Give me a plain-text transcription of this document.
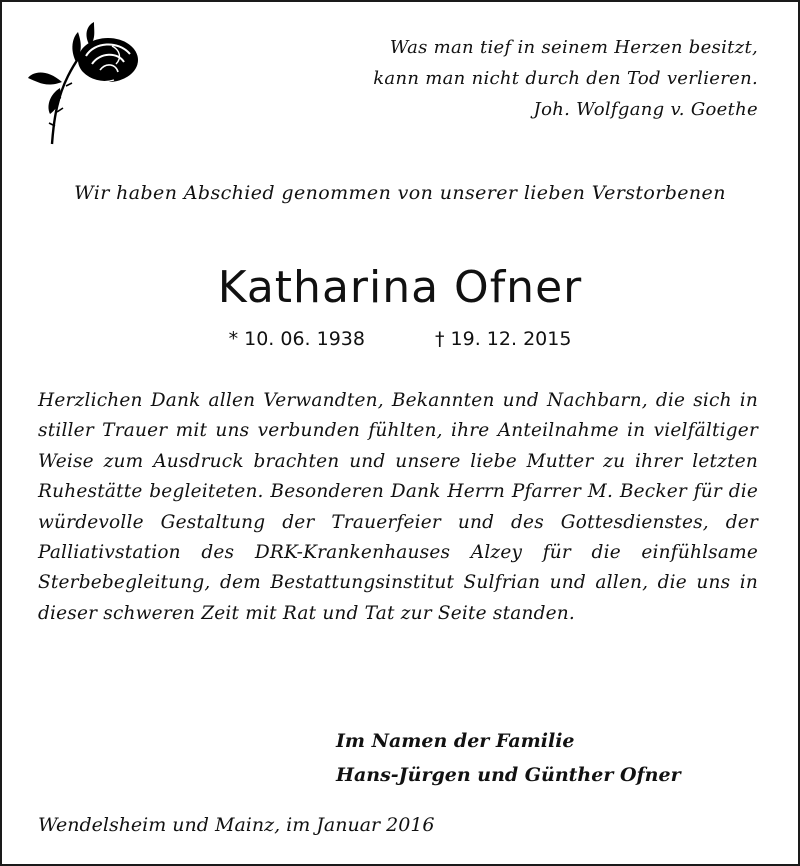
Was man tief in seinem Herzen besitzt,
kann man nicht durch den Tod verlieren.
Joh. Wolfgang v. Goethe
Wir haben Abschied genommen von unserer lieben Verstorbenen
Katharina Ofner
* 10. 06. 1938	† 19. 12. 2015
Herzlichen Dank allen Verwandten, Bekannten und Nachbarn, die sich in stiller Trauer mit uns verbunden fühlten, ihre Anteilnahme in vielfältiger Weise zum Ausdruck brachten und unsere liebe Mutter zu ihrer letzten Ruhestätte begleiteten. Besonderen Dank Herrn Pfarrer M. Becker für die würdevolle Gestaltung der Trauerfeier und des Gottesdienstes, der Palliativstation des DRK-Krankenhauses Alzey für die einfühlsame Sterbebegleitung, dem Bestattungsinstitut Sulfrian und allen, die uns in dieser schweren Zeit mit Rat und Tat zur Seite standen.
Im Namen der Familie
Hans-Jürgen und Günther Ofner
Wendelsheim und Mainz, im Januar 2016
